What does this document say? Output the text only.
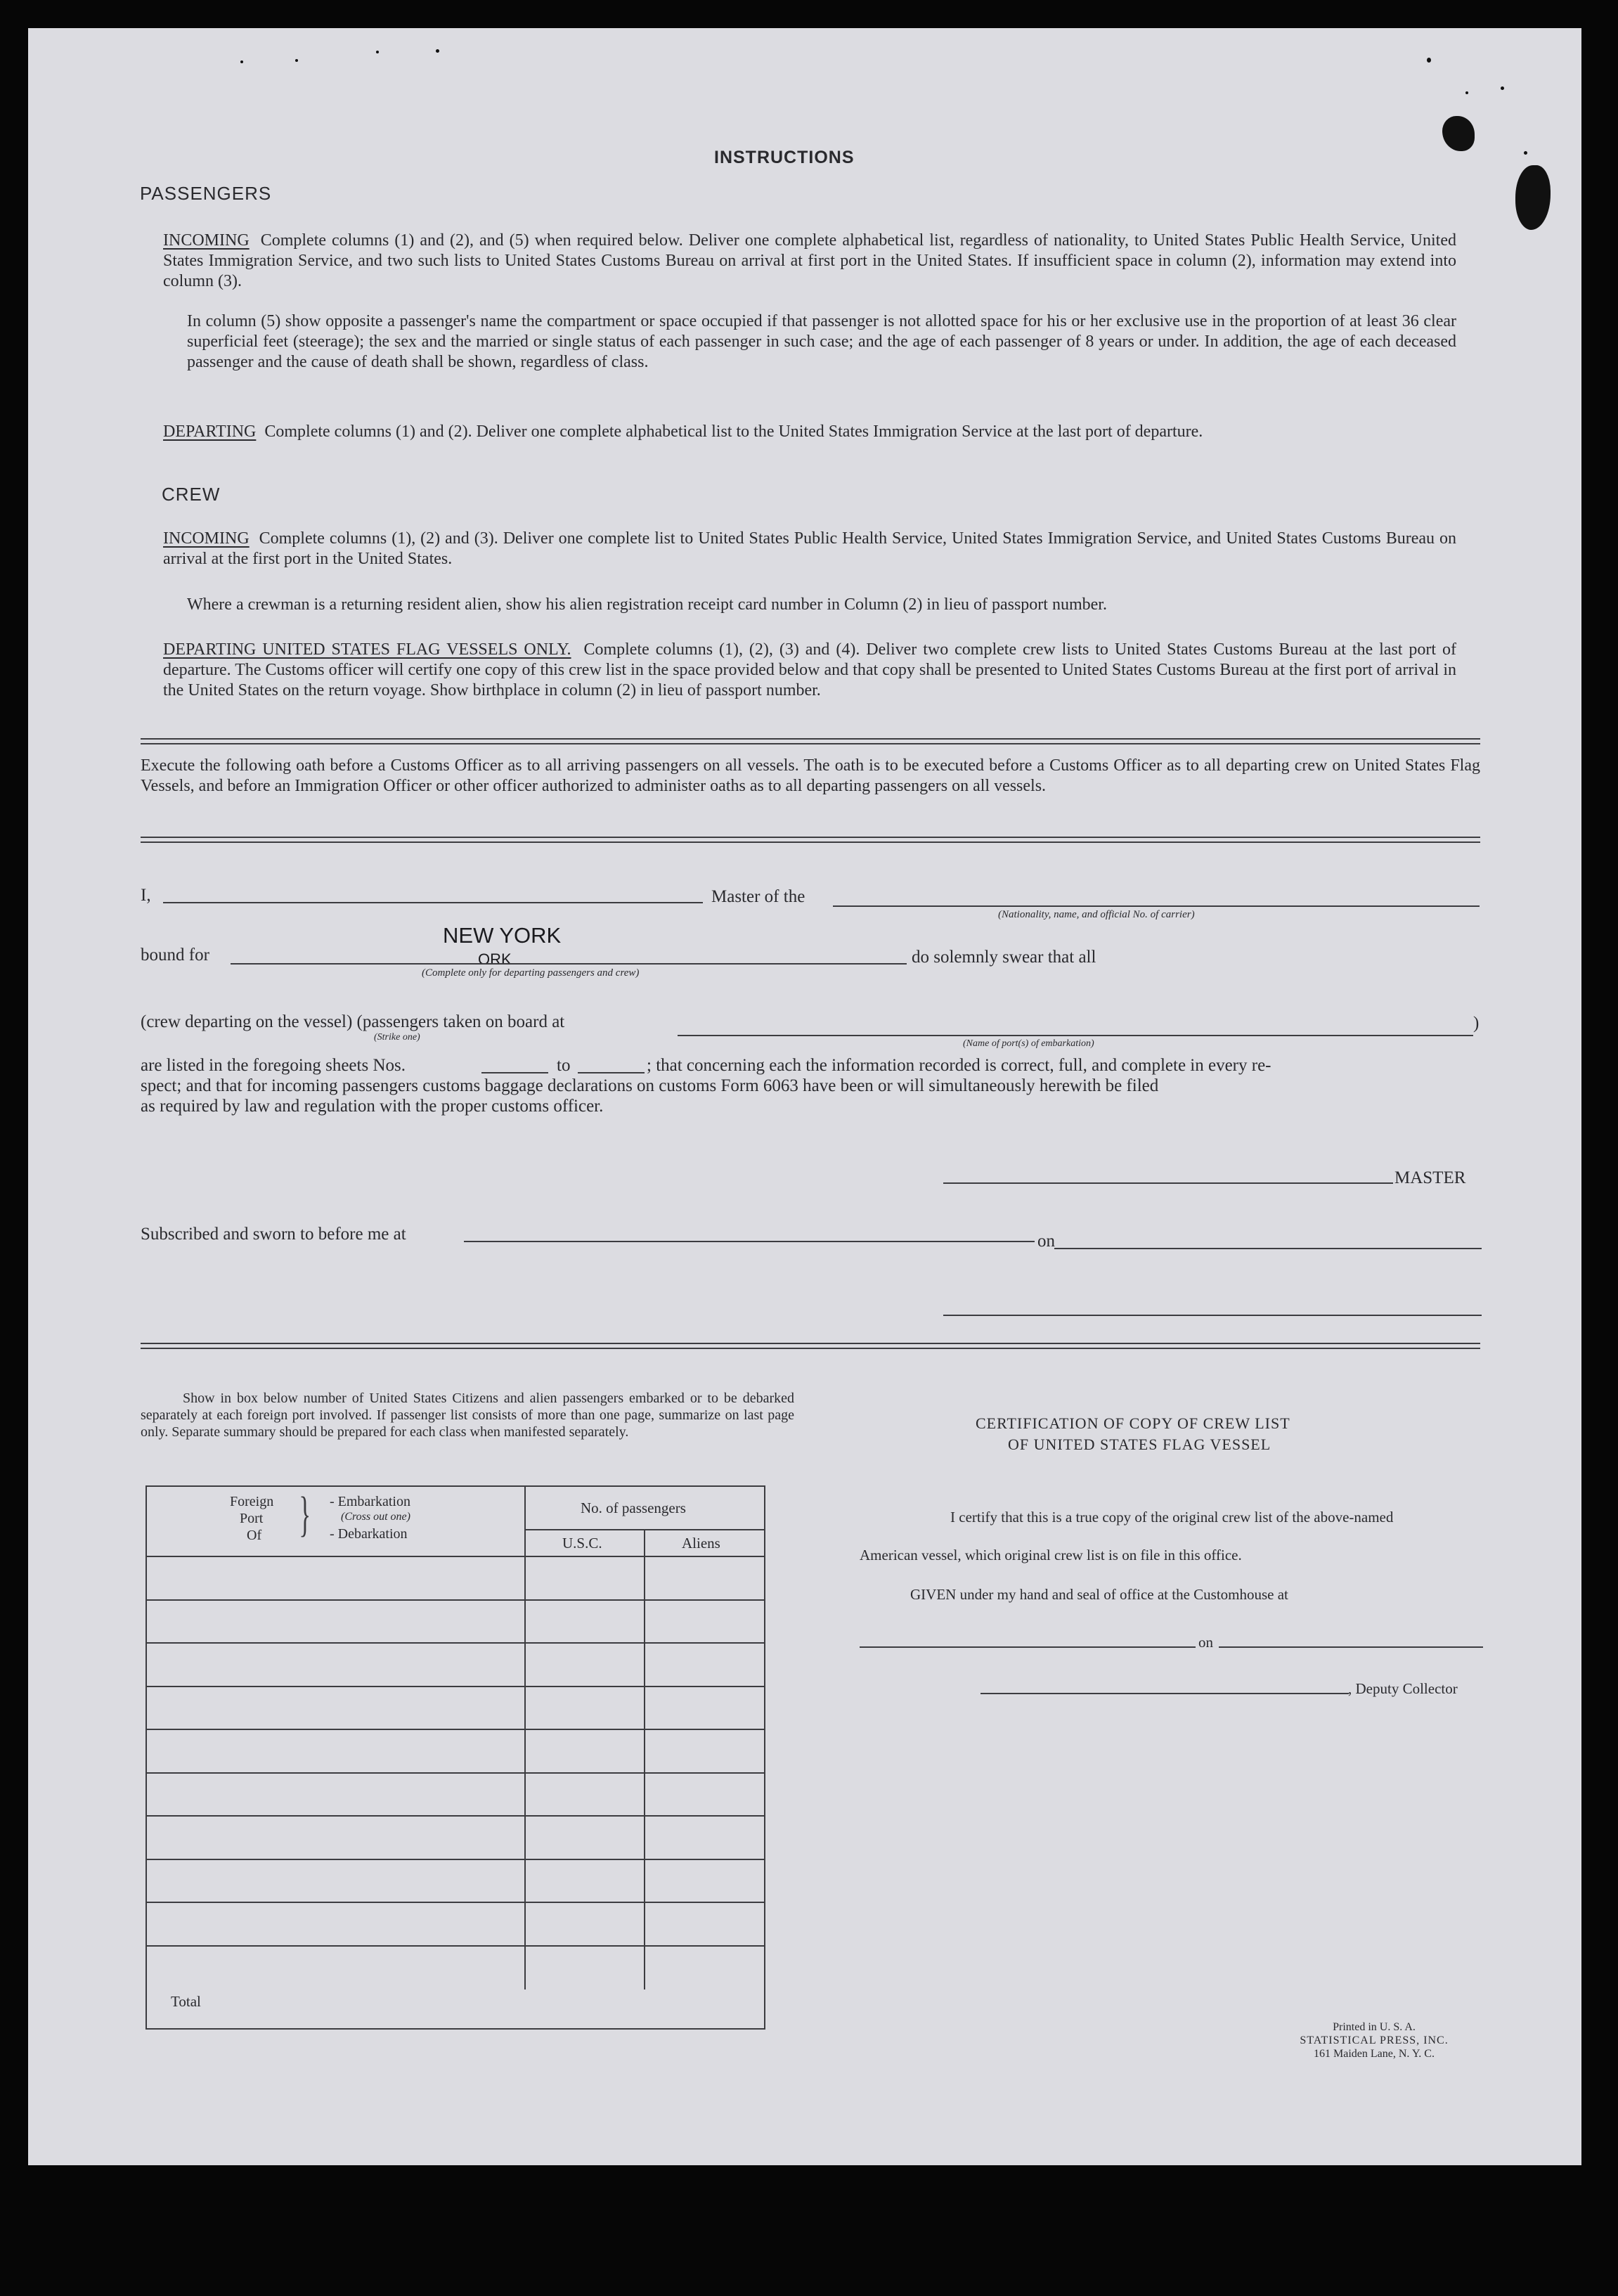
INSTRUCTIONS
PASSENGERS
INCOMING Complete columns (1) and (2), and (5) when required below. Deliver one complete alphabetical list, regardless of nationality, to United States Public Health Service, United States Immigration Service, and two such lists to United States Customs Bureau on arrival at first port in the United States. If insufficient space in column (2), information may extend into column (3).
In column (5) show opposite a passenger's name the compartment or space occupied if that passenger is not allotted space for his or her exclusive use in the proportion of at least 36 clear superficial feet (steerage); the sex and the married or single status of each passenger in such case; and the age of each passenger of 8 years or under. In addition, the age of each deceased passenger and the cause of death shall be shown, regardless of class.
DEPARTING Complete columns (1) and (2). Deliver one complete alphabetical list to the United States Immigration Service at the last port of departure.
CREW
INCOMING Complete columns (1), (2) and (3). Deliver one complete list to United States Public Health Service, United States Immigration Service, and United States Customs Bureau on arrival at the first port in the United States.
Where a crewman is a returning resident alien, show his alien registration receipt card number in Column (2) in lieu of passport number.
DEPARTING UNITED STATES FLAG VESSELS ONLY. Complete columns (1), (2), (3) and (4). Deliver two complete crew lists to United States Customs Bureau at the last port of departure. The Customs officer will certify one copy of this crew list in the space provided below and that copy shall be presented to United States Customs Bureau at the first port of arrival in the United States on the return voyage. Show birthplace in column (2) in lieu of passport number.
Execute the following oath before a Customs Officer as to all arriving passengers on all vessels. The oath is to be executed before a Customs Officer as to all departing crew on United States Flag Vessels, and before an Immigration Officer or other officer authorized to administer oaths as to all departing passengers on all vessels.
I,	Master of the
(Nationality, name, and official No. of carrier)
bound for
NEW YORK
ORK
(Complete only for departing passengers and crew)
do solemnly swear that all
(crew departing on the vessel) (passengers taken on board at
(Strike one)
)
(Name of port(s) of embarkation)
are listed in the foregoing sheets Nos.	to	; that concerning each the information recorded is correct, full, and complete in every re-
spect; and that for incoming passengers customs baggage declarations on customs Form 6063 have been or will simultaneously herewith be filed
as required by law and regulation with the proper customs officer.
MASTER
Subscribed and sworn to before me at	on
Show in box below number of United States Citizens and alien passengers embarked or to be debarked separately at each foreign port involved. If passenger list consists of more than one page, summarize on last page only. Separate summary should be prepared for each class when manifested separately.
Foreign
Port
Of } - Embarkation
(Cross out one)
- Debarkation
No. of passengers
U.S.C.	Aliens
Total
CERTIFICATION OF COPY OF CREW LIST
OF UNITED STATES FLAG VESSEL
I certify that this is a true copy of the original crew list of the above-named
American vessel, which original crew list is on file in this office.
GIVEN under my hand and seal of office at the Customhouse at
on
, Deputy Collector
Printed in U. S. A.
STATISTICAL PRESS, INC.
161 Maiden Lane, N. Y. C.
